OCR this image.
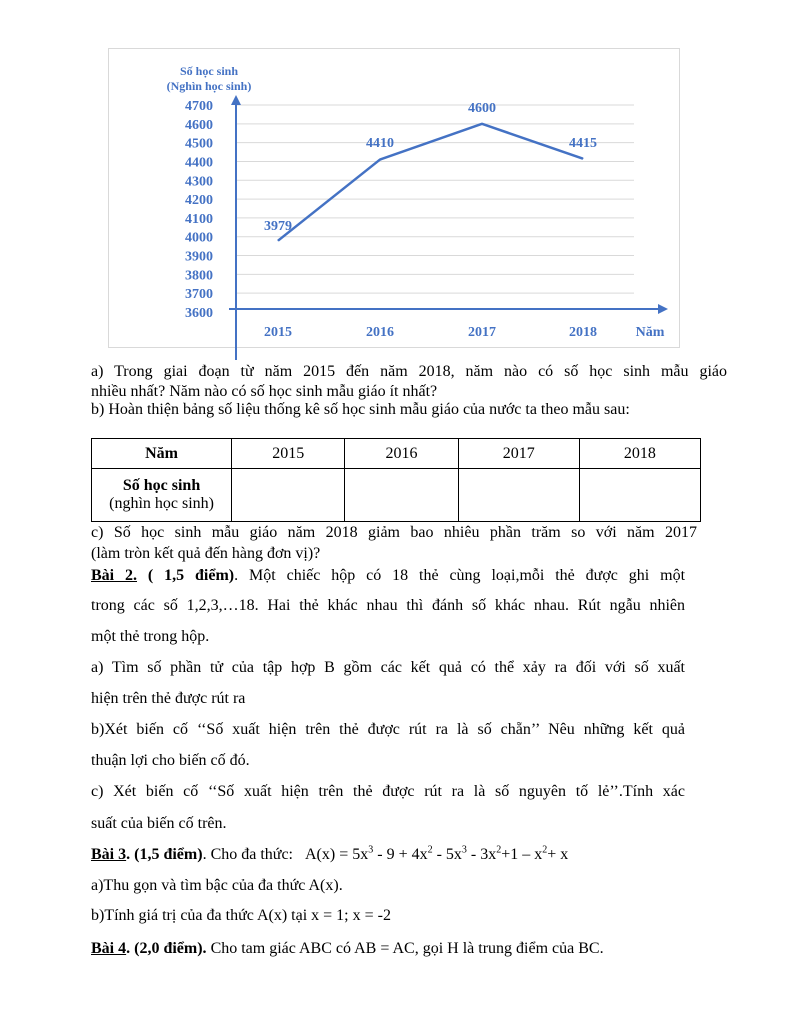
3600
3700
3800
3900
4000
4100
4200
4300
4400
4500
4600
4700
Số học sinh
(Nghìn học sinh)
Năm
2015	2016	2017	2018
3979
4410
4600
4415
a) Trong giai đoạn từ năm 2015 đến năm 2018, năm nào có số học sinh mẫu giáo
nhiều nhất? Năm nào có số học sinh mẫu giáo ít nhất?
b) Hoàn thiện bảng số liệu thống kê số học sinh mẫu giáo của nước ta theo mẫu sau:
Năm	2015	2016	2017	2018

Số học sinh
(nghìn học sinh)				

c) Số học sinh mẫu giáo năm 2018 giảm bao nhiêu phần trăm so với năm 2017
(làm tròn kết quả đến hàng đơn vị)?
Bài 2. ( 1,5 điểm). Một chiếc hộp có 18 thẻ cùng loại,mỗi thẻ được ghi một
trong các số 1,2,3,…18. Hai thẻ khác nhau thì đánh số khác nhau. Rút ngẫu nhiên
một thẻ trong hộp.
a) Tìm số phần tử của tập hợp B gồm các kết quả có thể xảy ra đối với số xuất
hiện trên thẻ được rút ra
b)Xét biến cố ‘‘Số xuất hiện trên thẻ được rút ra là số chẵn’’ Nêu những kết quả
thuận lợi cho biến cố đó.
c) Xét biến cố ‘‘Số xuất hiện trên thẻ được rút ra là số nguyên tố lẻ’’.Tính xác
suất của biến cố trên.
Bài 3. (1,5 điểm). Cho đa thức: $A(x) = 5x^3 - 9 + 4x^2 - 5x^3 - 3x^2+1 - x^2+ x$
a)Thu gọn và tìm bậc của đa thức A(x).
b)Tính giá trị của đa thức A(x) tại x = 1; x = -2
Bài 4. (2,0 điểm). Cho tam giác ABC có AB = AC, gọi H là trung điểm của BC.
